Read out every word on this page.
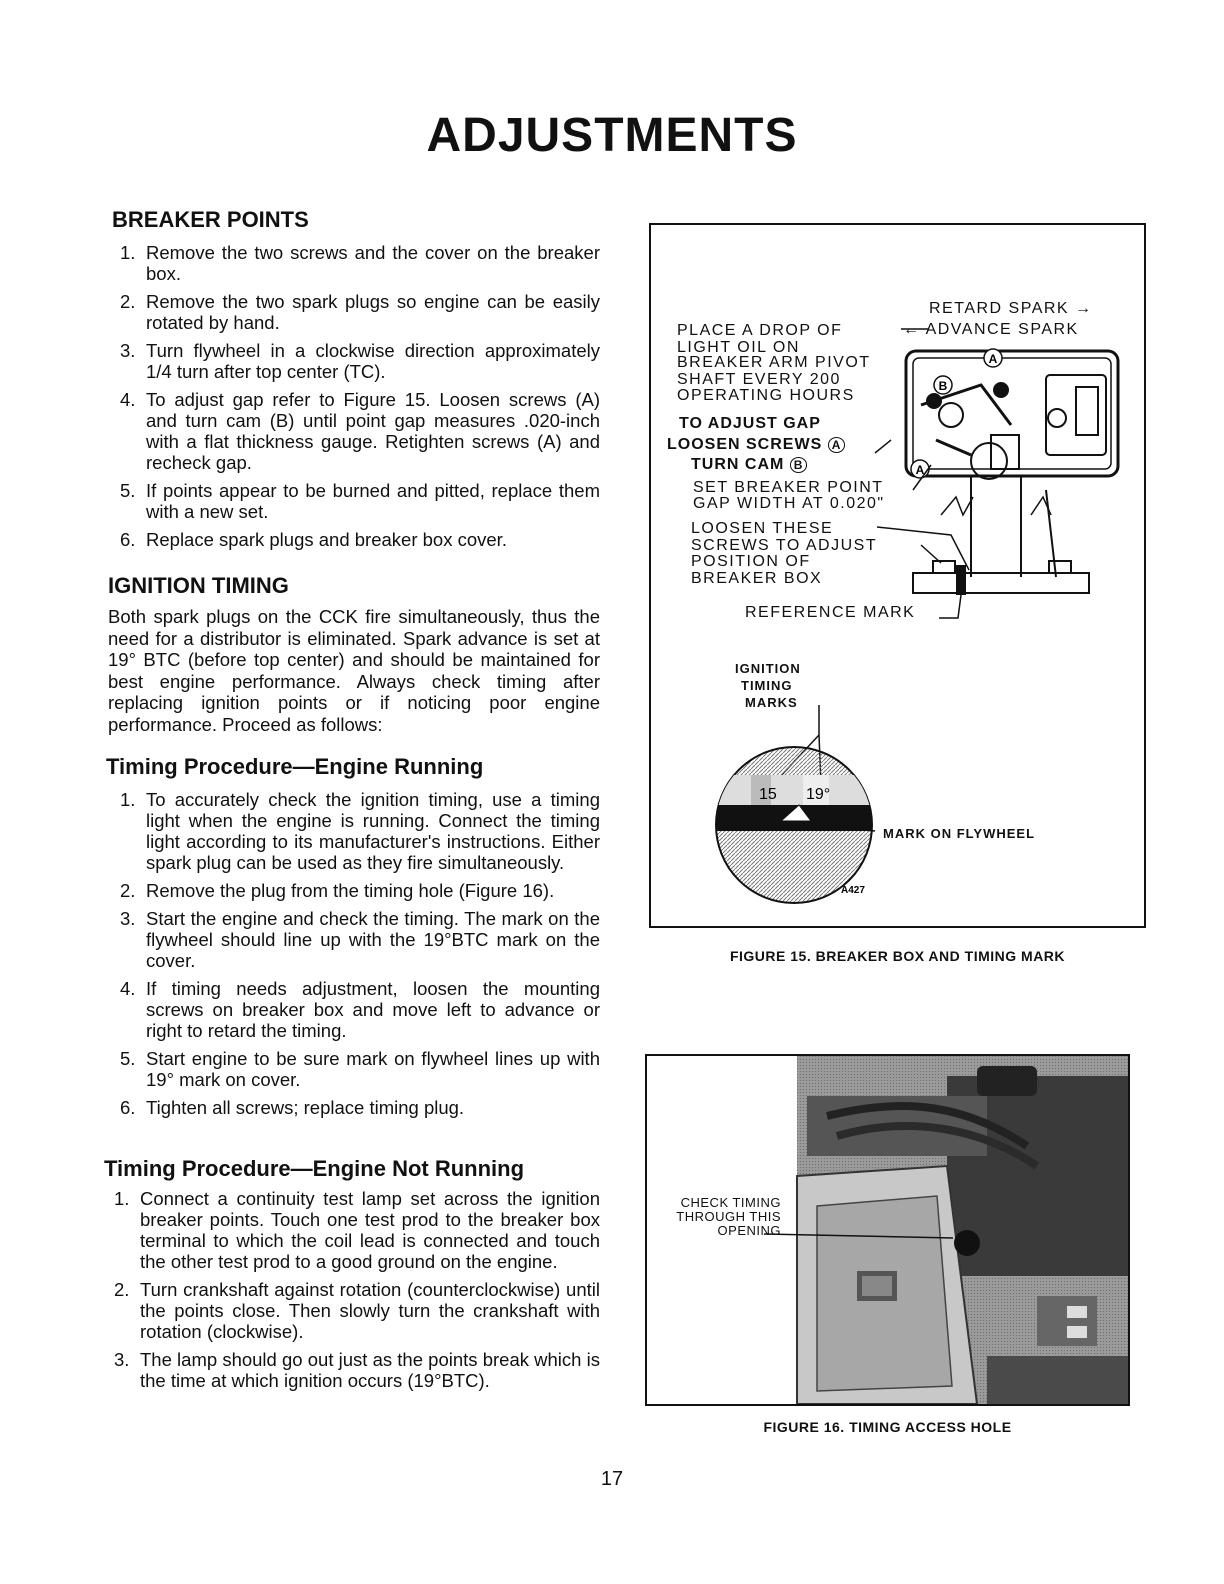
ADJUSTMENTS
BREAKER POINTS
1. Remove the two screws and the cover on the breaker box.
2. Remove the two spark plugs so engine can be easily rotated by hand.
3. Turn flywheel in a clockwise direction approximately 1/4 turn after top center (TC).
4. To adjust gap refer to Figure 15. Loosen screws (A) and turn cam (B) until point gap measures .020-inch with a flat thickness gauge. Retighten screws (A) and recheck gap.
5. If points appear to be burned and pitted, replace them with a new set.
6. Replace spark plugs and breaker box cover.
IGNITION TIMING

Both spark plugs on the CCK fire simultaneously, thus the need for a distributor is eliminated. Spark advance is set at 19° BTC (before top center) and should be maintained for best engine performance. Always check timing after replacing ignition points or if noticing poor engine performance. Proceed as follows:

Timing Procedure—Engine Running
1. To accurately check the ignition timing, use a timing light when the engine is running. Connect the timing light according to its manufacturer's instructions. Either spark plug can be used as they fire simultaneously.
2. Remove the plug from the timing hole (Figure 16).
3. Start the engine and check the timing. The mark on the flywheel should line up with the 19°BTC mark on the cover.
4. If timing needs adjustment, loosen the mounting screws on breaker box and move left to advance or right to retard the timing.
5. Start engine to be sure mark on flywheel lines up with 19° mark on cover.
6. Tighten all screws; replace timing plug.
Timing Procedure—Engine Not Running
1. Connect a continuity test lamp set across the ignition breaker points. Touch one test prod to the breaker box terminal to which the coil lead is connected and touch the other test prod to a good ground on the engine.
2. Turn crankshaft against rotation (counterclockwise) until the points close. Then slowly turn the crankshaft with rotation (clockwise).
3. The lamp should go out just as the points break which is the time at which ignition occurs (19°BTC).
A
B
A
15 19°
A427
RETARD SPARK →
← ADVANCE SPARK
PLACE A DROP OF
LIGHT OIL ON
BREAKER ARM PIVOT
SHAFT EVERY 200
OPERATING HOURS
TO ADJUST GAP
LOOSEN SCREWS A
TURN CAM B
SET BREAKER POINT
GAP WIDTH AT 0.020"
LOOSEN THESE
SCREWS TO ADJUST
POSITION OF
BREAKER BOX
REFERENCE MARK
IGNITION
TIMING
MARKS
MARK ON FLYWHEEL
FIGURE 15. BREAKER BOX AND TIMING MARK
CHECK TIMING
THROUGH THIS
OPENING
FIGURE 16. TIMING ACCESS HOLE
17
